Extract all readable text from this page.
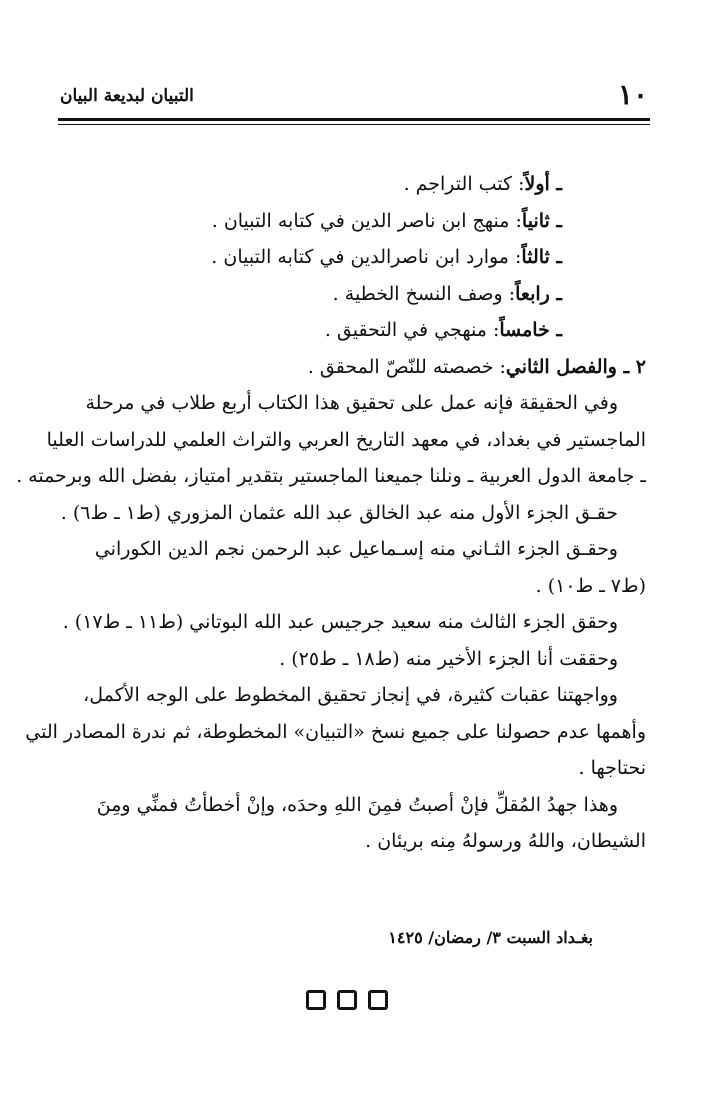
١٠
التبيان لبديعة البيان
ـ أولاً: كتب التراجم .
ـ ثانياً: منهج ابن ناصر الدين في كتابه التبيان .
ـ ثالثاً: موارد ابن ناصرالدين في كتابه التبيان .
ـ رابعاً: وصف النسخ الخطية .
ـ خامساً: منهجي في التحقيق .
٢ ـ والفصل الثاني: خصصته للنّصّ المحقق .
وفي الحقيقة فإنه عمل على تحقيق هذا الكتاب أربع طلاب في مرحلة
الماجستير في بغداد، في معهد التاريخ العربي والتراث العلمي للدراسات العليا
ـ جامعة الدول العربية ـ ونلنا جميعنا الماجستير بتقدير امتياز، بفضل الله وبرحمته .
حقـق الجزء الأول منه عبد الخالق عبد الله عثمان المزوري (ط١ ـ ط٦) .
وحقـق الجزء الثـاني منه إسـماعيل عبد الرحمن نجم الدين الكوراني
(ط٧ ـ ط١٠) .
وحقق الجزء الثالث منه سعيد جرجيس عبد الله البوتاني (ط١١ ـ ط١٧) .
وحققت أنا الجزء الأخير منه (ط١٨ ـ ط٢٥) .
وواجهتنا عقبات كثيرة، في إنجاز تحقيق المخطوط على الوجه الأكمل،
وأهمها عدم حصولنا على جميع نسخ «التبيان» المخطوطة، ثم ندرة المصادر التي
نحتاجها .
وهذا جهدُ المُقلِّ فإنْ أصبتُ فمِنَ اللهِ وحدَه، وإنْ أخطأتُ فمنِّي ومِنَ
الشيطان، واللهُ ورسولهُ مِنه بريئان .
بغـداد السبت ٣/ رمضان/ ١٤٢٥
